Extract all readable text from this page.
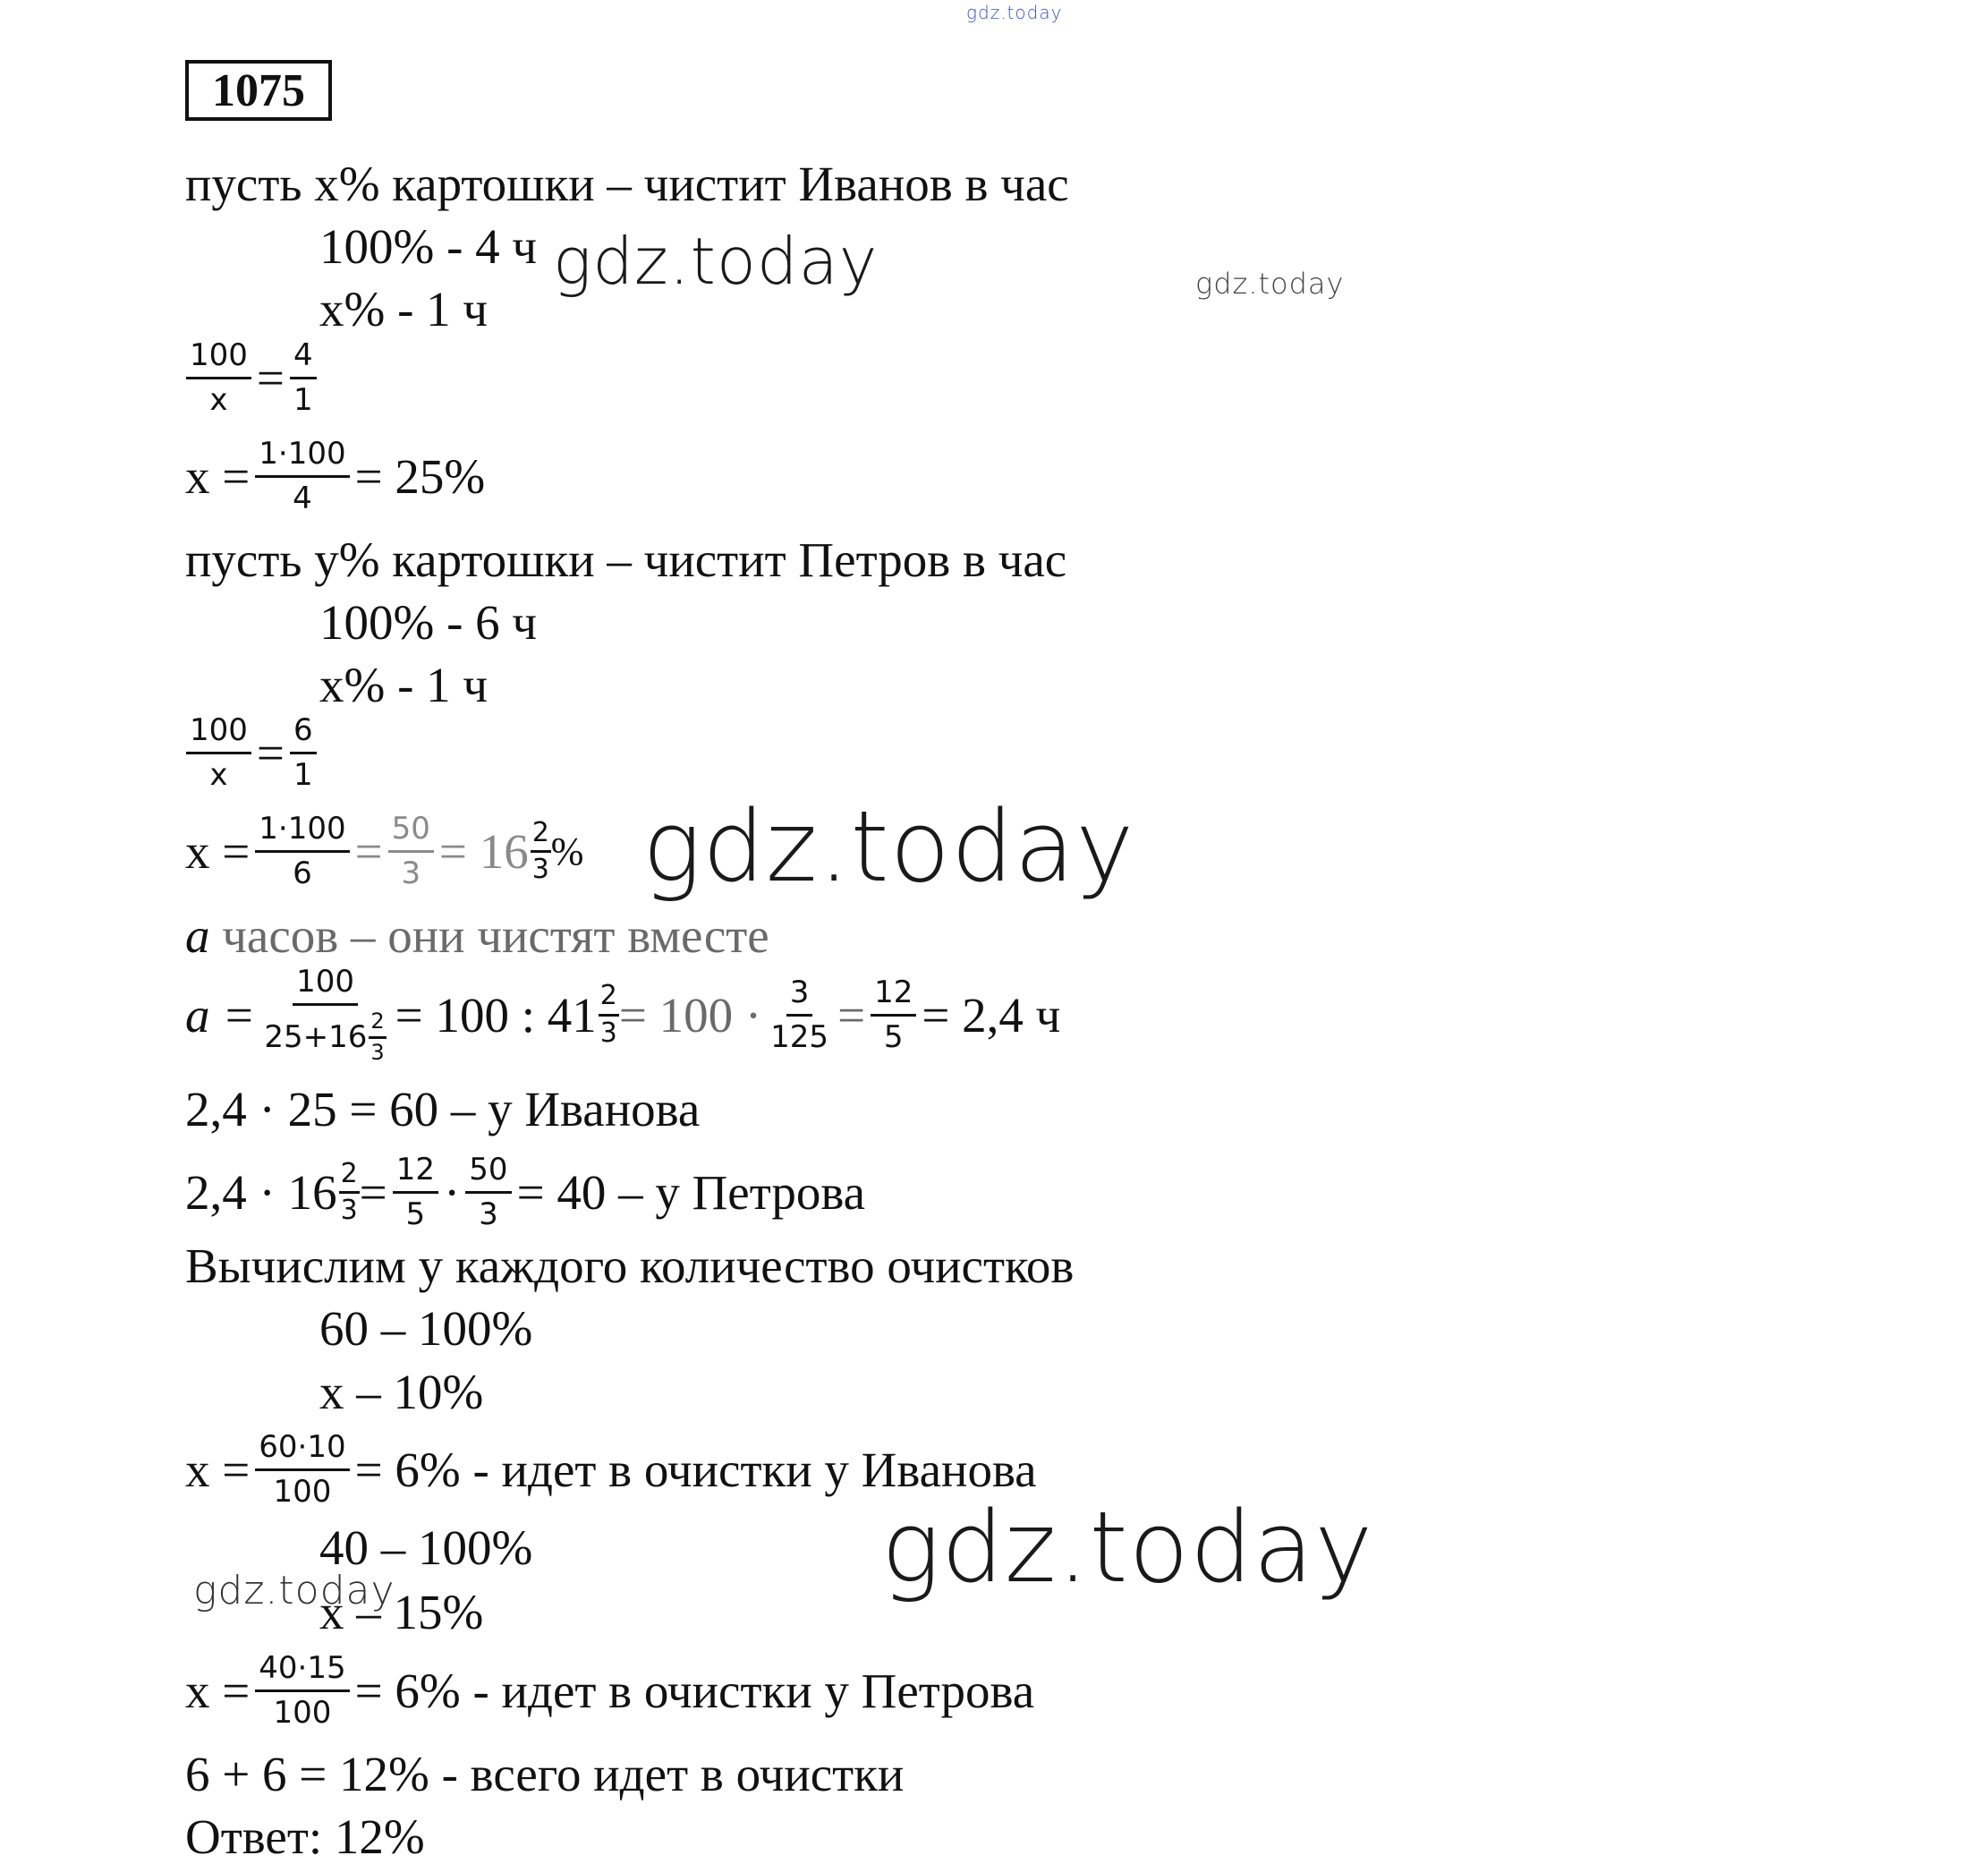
gdz.today
1075
пусть х% картошки – чистит Иванов в час
100% - 4 ч gdz.today	gdz.today
х% - 1 ч
$\frac{100}{x} = \frac{4}{1}$
$х = \frac{1\cdot 100}{4} = 25\%$
пусть у% картошки – чистит Петров в час
100% - 6 ч
х% - 1 ч
$\frac{100}{x} = \frac{6}{1}$
$х = \frac{1\cdot 100}{6} = \frac{50}{3} = 16 \frac{2}{3}$ % gdz.today
а часов – они чистят вместе
$а = \frac{100}{25+16 \frac{2}{3}} = 100$ : $41 \frac{2}{3} = 100 \cdot \frac{3}{125} = \frac{12}{5} = 2,4$ ч
2,4 · 25 = 60 – у Иванова
$2,4 \cdot 16 \frac{2}{3} = \frac{12}{5} \cdot \frac{50}{3} = 40 - у$ Петрова
Вычислим у каждого количество очистков
60 – 100%
х – 10%
$х = \frac{60\cdot 10}{100} = 6\%$ - идет в очистки у Иванова
40 – 100%
gdz.today
х – 15%
gdz.today
$х = \frac{40\cdot 15}{100} = 6\%$ - идет в очистки у Петрова
6 + 6 = 12% - всего идет в очистки
Ответ: 12%
